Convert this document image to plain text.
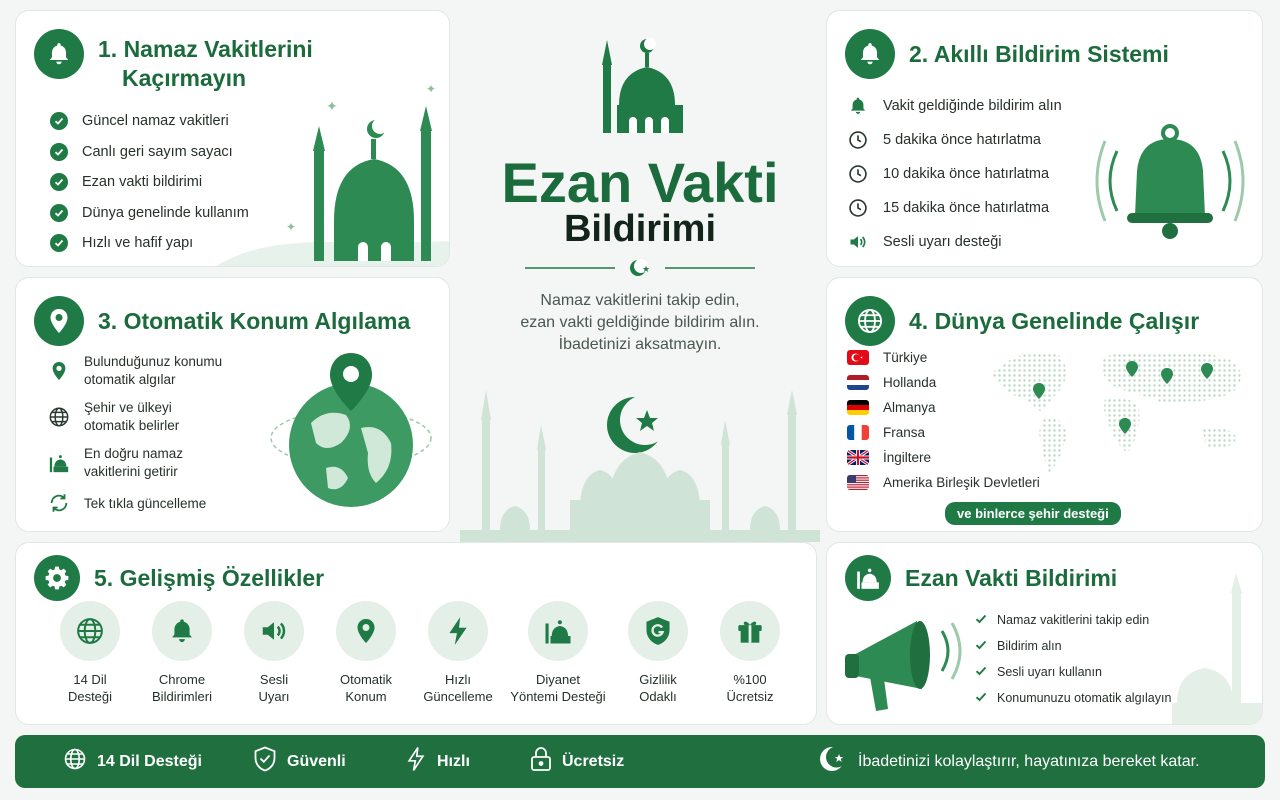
✦
✦
✦
1. Namaz Vakitlerini
Kaçırmayın
Güncel namaz vakitleri
Canlı geri sayım sayacı
Ezan vakti bildirimi
Dünya genelinde kullanım
Hızlı ve hafif yapı
Ezan Vakti
Bildirimi
★
Namaz vakitlerini takip edin,
ezan vakti geldiğinde bildirim alın.
İbadetinizi aksatmayın.
2. Akıllı Bildirim Sistemi
Vakit geldiğinde bildirim alın
5 dakika önce hatırlatma
10 dakika önce hatırlatma
15 dakika önce hatırlatma
Sesli uyarı desteği
3. Otomatik Konum Algılama
Bulunduğunuz konumu
otomatik algılar
Şehir ve ülkeyi
otomatik belirler
En doğru namaz
vakitlerini getirir
Tek tıkla güncelleme
4. Dünya Genelinde Çalışır
Türkiye
Hollanda
Almanya
Fransa
İngiltere
Amerika Birleşik Devletleri
ve binlerce şehir desteği
5. Gelişmiş Özellikler
14 Dil
Desteği
Chrome
Bildirimleri
Sesli
Uyarı
Otomatik
Konum
Hızlı
Güncelleme
Diyanet
Yöntemi Desteği
Gizlilik
Odaklı
%100
Ücretsiz
Ezan Vakti Bildirimi
Namaz vakitlerini takip edin
Bildirim alın
Sesli uyarı kullanın
Konumunuzu otomatik algılayın
14 Dil Desteği	Güvenli	Hızlı	Ücretsiz	İbadetinizi kolaylaştırır, hayatınıza bereket katar.
